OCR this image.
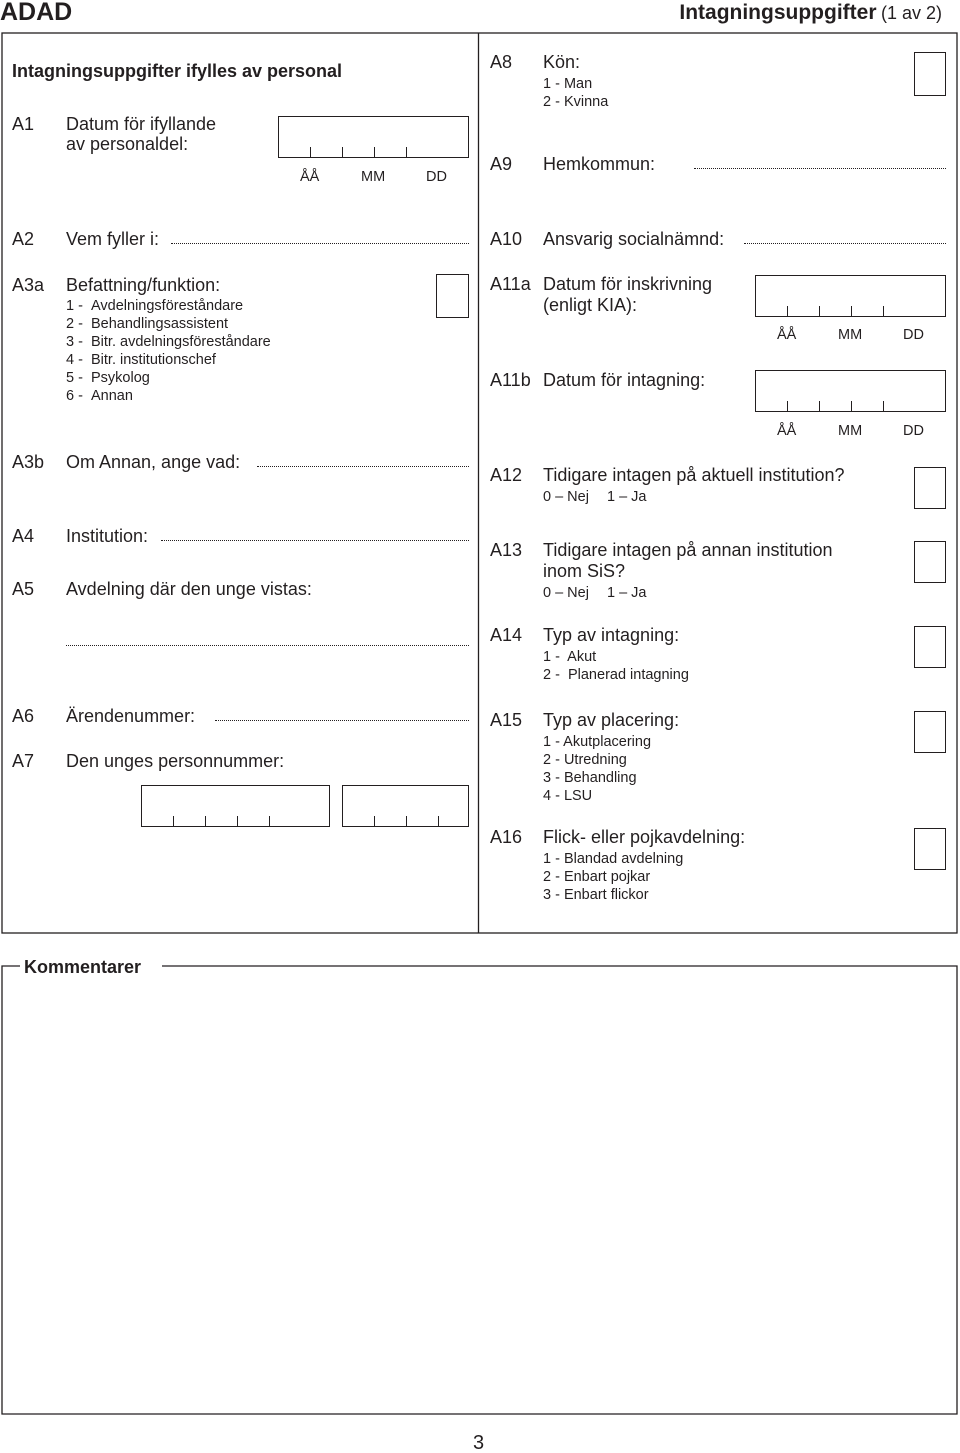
ADAD	Intagningsuppgifter (1 av 2)
Intagningsuppgifter ifylles av personal
A1 Datum för ifyllande
av personaldel:
ÅÅ	MM	DD
A2 Vem fyller i:
A3a Befattning/funktion:
1 - Avdelningsföreståndare
2 - Behandlingsassistent
3 - Bitr. avdelningsföreståndare
4 - Bitr. institutionschef
5 - Psykolog
6 - Annan
A3b Om Annan, ange vad:
A4 Institution:
A5 Avdelning där den unge vistas:
A6 Ärendenummer:
A7 Den unges personnummer:
A8 Kön:
1 - Man
2 - Kvinna
A9 Hemkommun:
A10 Ansvarig socialnämnd:
A11a Datum för inskrivning
(enligt KIA):
ÅÅ	MM	DD
A11b Datum för intagning:
ÅÅ	MM	DD
A12 Tidigare intagen på aktuell institution?
0 – Nej 1 – Ja
A13 Tidigare intagen på annan institution
inom SiS?
0 – Nej 1 – Ja
A14 Typ av intagning:
1 -  Akut
2 -  Planerad intagning
A15 Typ av placering:
1 - Akutplacering
2 - Utredning
3 - Behandling
4 - LSU
A16 Flick- eller pojkavdelning:
1 - Blandad avdelning
2 - Enbart pojkar
3 - Enbart flickor
Kommentarer
3
